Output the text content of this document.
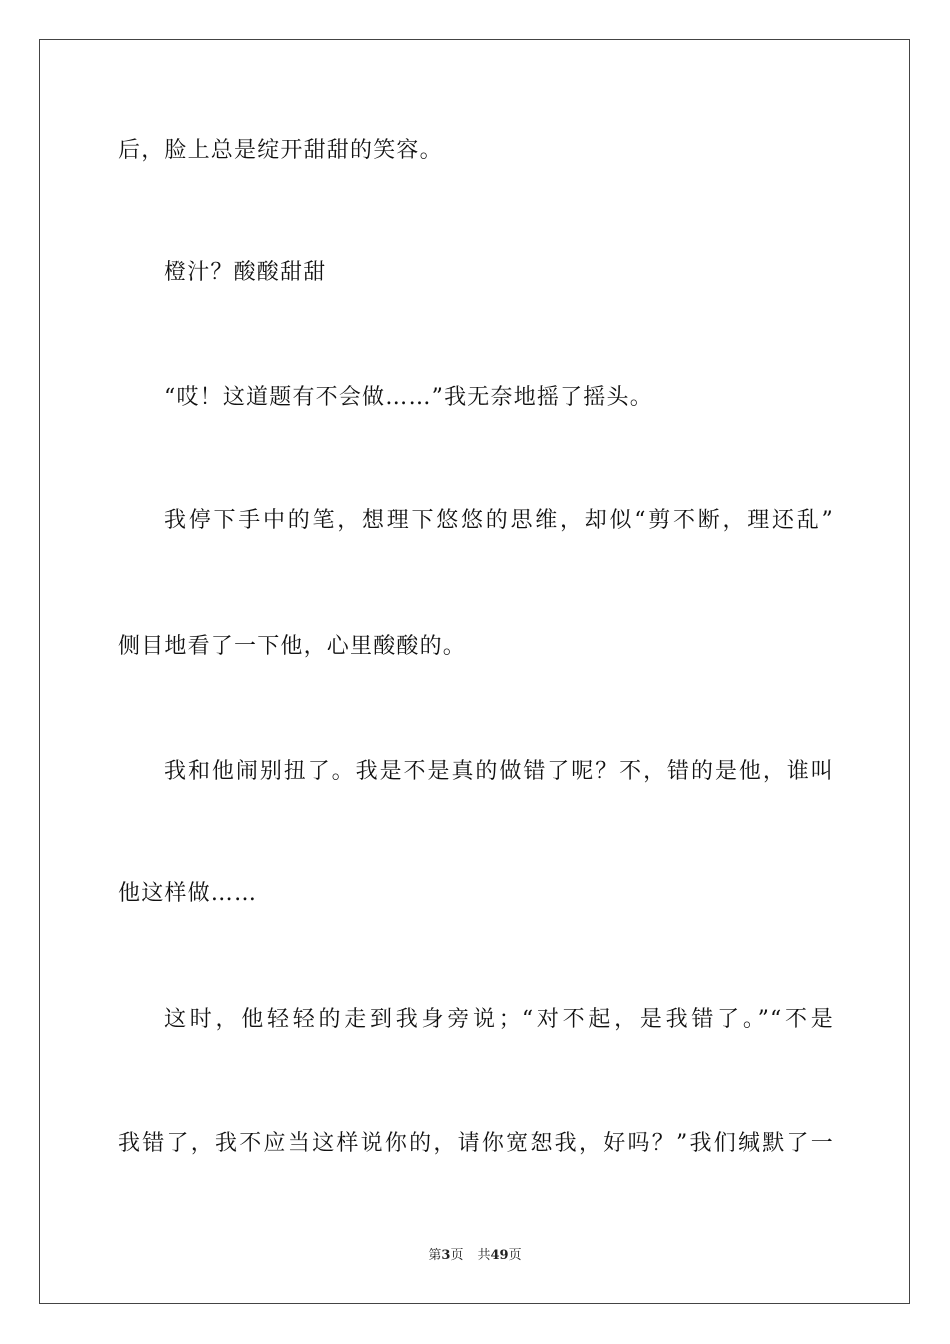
后，脸上总是绽开甜甜的笑容。
橙汁？酸酸甜甜
“哎！这道题有不会做……”我无奈地摇了摇头。
我停下手中的笔，想理下悠悠的思维，却似“剪不断，理还乱”
侧目地看了一下他，心里酸酸的。
我和他闹别扭了。我是不是真的做错了呢？不，错的是他，谁叫
他这样做……
这时，他轻轻的走到我身旁说；“对不起，是我错了。”“不是
我错了，我不应当这样说你的，请你宽恕我，好吗？”我们缄默了一
第3页 共49页
